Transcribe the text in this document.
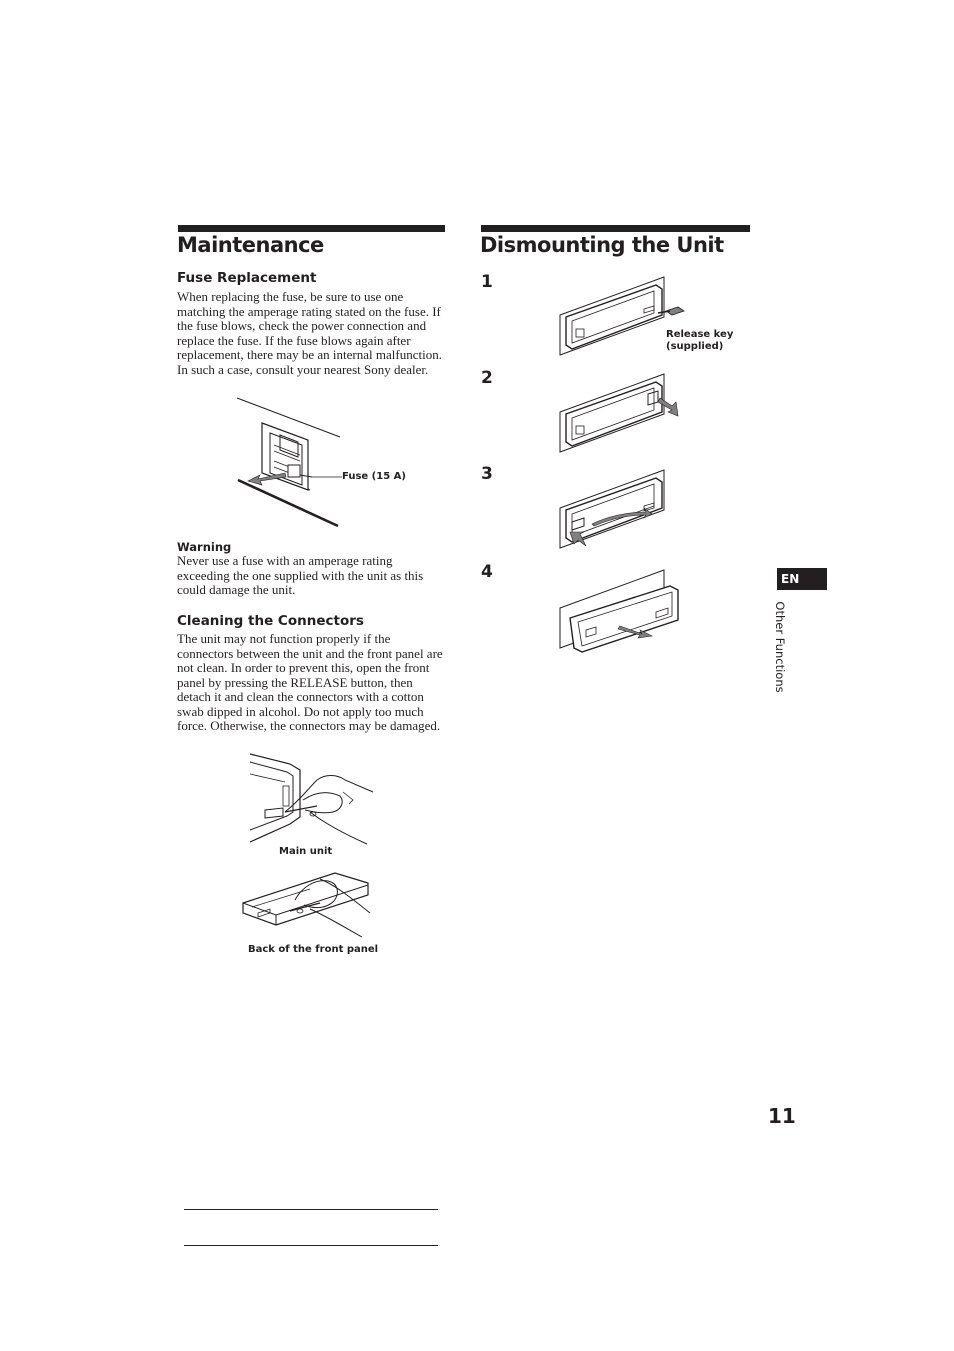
Maintenance
Fuse Replacement

When replacing the fuse, be sure to use one matching the amperage rating stated on the fuse. If the fuse blows, check the power connection and replace the fuse. If the fuse blows again after replacement, there may be an internal malfunction. In such a case, consult your nearest Sony dealer.

Fuse (15 A)
Warning

Never use a fuse with an amperage rating exceeding the one supplied with the unit as this could damage the unit.

Cleaning the Connectors

The unit may not function properly if the connectors between the unit and the front panel are not clean. In order to prevent this, open the front panel by pressing the RELEASE button, then detach it and clean the connectors with a cotton swab dipped in alcohol. Do not apply too much force. Otherwise, the connectors may be damaged.

Main unit
Back of the front panel
Dismounting the Unit
1
2
3
4
Release key
(supplied)
EN
Other Functions
11
